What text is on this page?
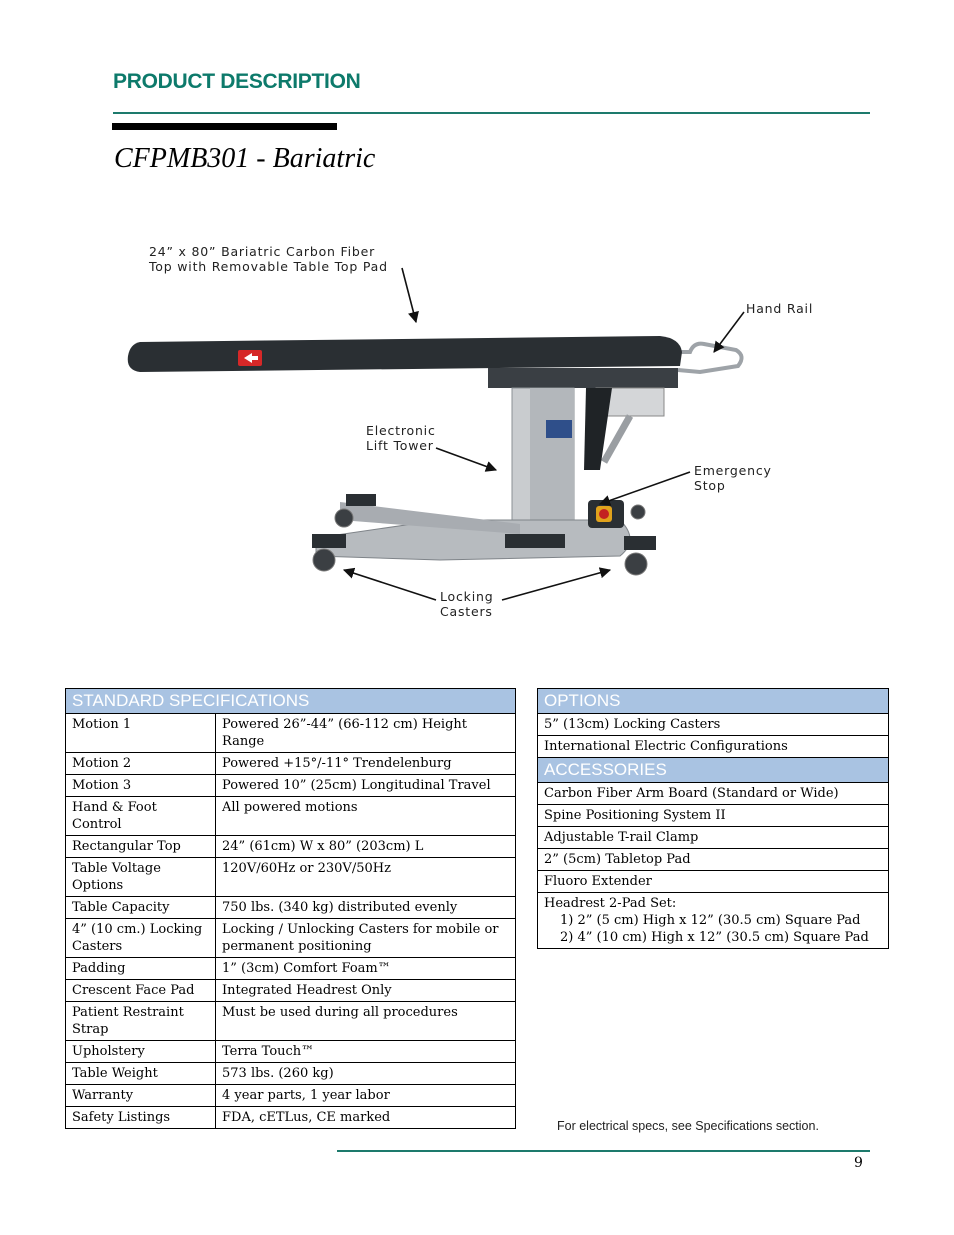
PRODUCT DESCRIPTION
CFPMB301 - Bariatric
24” x 80” Bariatric Carbon Fiber
Top with Removable Table Top Pad
Hand Rail
Electronic
Lift Tower
Emergency
Stop
Locking
Casters
STANDARD SPECIFICATIONS	
Motion 1	Powered 26”-44” (66-112 cm) Height Range
Motion 2	Powered +15°/-11° Trendelenburg
Motion 3	Powered 10” (25cm) Longitudinal Travel
Hand & Foot Control	All powered motions
Rectangular Top	24” (61cm) W x 80” (203cm) L
Table Voltage Options	120V/60Hz or 230V/50Hz
Table Capacity	750 lbs. (340 kg) distributed evenly
4” (10 cm.) Locking Casters	Locking / Unlocking Casters for mobile or permanent positioning
Padding	1” (3cm) Comfort Foam™
Crescent Face Pad	Integrated Headrest Only
Patient Restraint Strap	Must be used during all procedures
Upholstery	Terra Touch™
Table Weight	573 lbs. (260 kg)
Warranty	4 year parts, 1 year labor
Safety Listings	FDA, cETLus, CE marked
OPTIONS
5” (13cm) Locking Casters
International Electric Configurations
ACCESSORIES
Carbon Fiber Arm Board (Standard or Wide)
Spine Positioning System II
Adjustable T-rail Clamp
2” (5cm) Tabletop Pad
Fluoro Extender
Headrest 2-Pad Set:
1) 2” (5 cm) High x 12” (30.5 cm) Square Pad
2) 4” (10 cm) High x 12” (30.5 cm) Square Pad
For electrical specs, see Specifications section.
9
